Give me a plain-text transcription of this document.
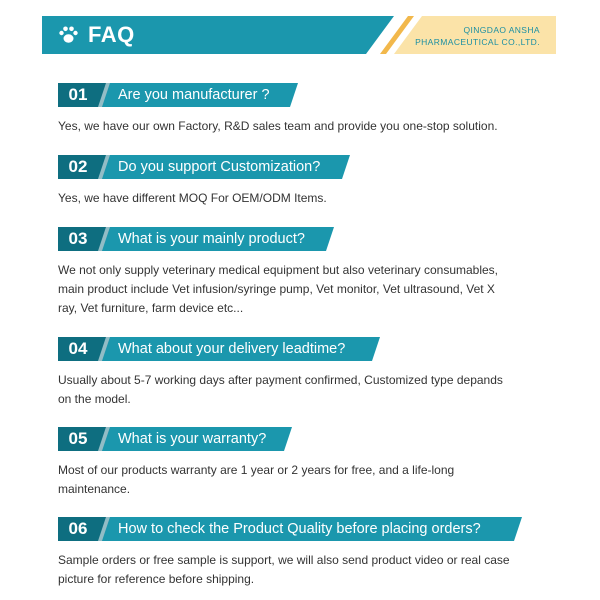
FAQ	QINGDAO ANSHA
PHARMACEUTICAL CO.,LTD.
01	Are you manufacturer ?
Yes, we have our own Factory, R&D sales team and provide you one-stop solution.
02	Do you support Customization?
Yes, we have different MOQ For OEM/ODM Items.
03	What is your mainly product?
We not only supply veterinary medical equipment but also veterinary consumables,
main product include Vet infusion/syringe pump, Vet monitor, Vet ultrasound, Vet X
ray, Vet furniture, farm device etc...
04	What about your delivery leadtime?
Usually about 5-7 working days after payment confirmed, Customized type depands
on the model.
05	What is your warranty?
Most of our products warranty are 1 year or 2 years for free, and a life-long
maintenance.
06	How to check the Product Quality before placing orders?
Sample orders or free sample is support, we will also send product video or real case
picture for reference before shipping.
